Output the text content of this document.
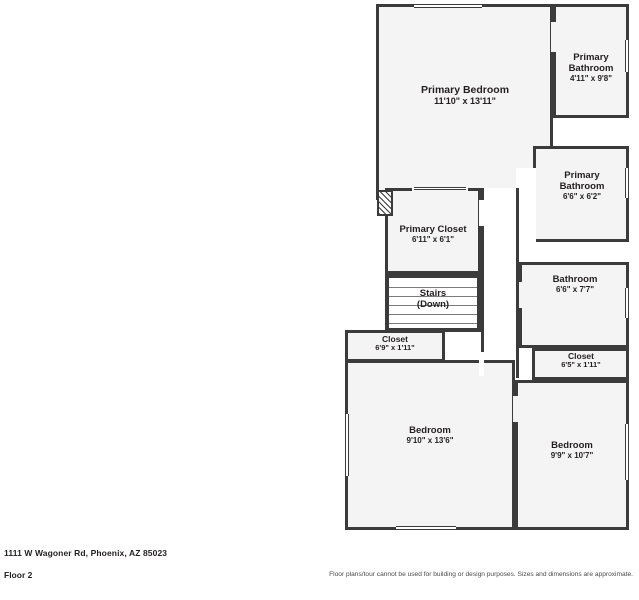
Primary Bedroom
11'10" x 13'11"
Primary
Bathroom
4'11" x 9'8"
Primary
Bathroom
6'6" x 6'2"
Primary Closet
6'11" x 6'1"
Bathroom
6'6" x 7'7"
Stairs
(Down)
Closet
6'9" x 1'11"
Closet
6'5" x 1'11"
Bedroom
9'10" x 13'6"	Bedroom
9'9" x 10'7"
1111 W Wagoner Rd, Phoenix, AZ 85023
Floor 2	Floor plans/tour cannot be used for building or design purposes. Sizes and dimensions are approximate.
